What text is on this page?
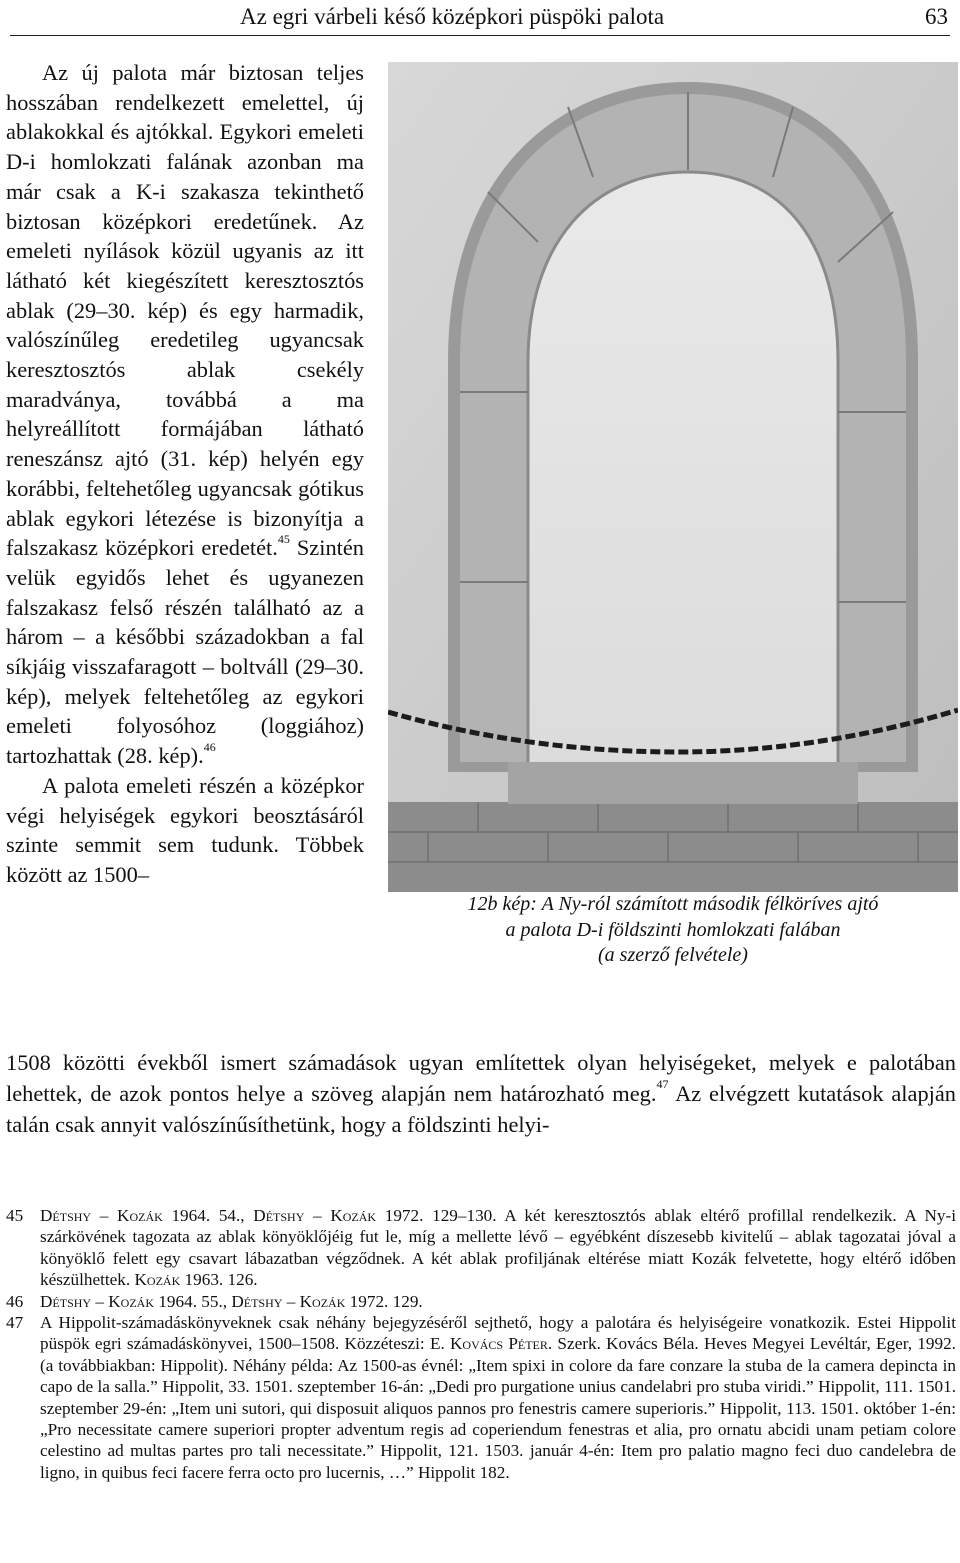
Az egri várbeli késő középkori püspöki palota	63

Az új palota már biztosan teljes hosszában rendelkezett emelettel, új ablakokkal és ajtókkal. Egykori emeleti D-i homlokzati falának azonban ma már csak a K-i szakasza tekinthető biztosan középkori eredetűnek. Az emeleti nyílások közül ugyanis az itt látható két kiegészített keresztosztós ablak (29–30. kép) és egy harmadik, valószínűleg eredetileg ugyancsak keresztosztós ablak csekély maradványa, továbbá a ma helyreállított formájában látható reneszánsz ajtó (31. kép) helyén egy korábbi, feltehetőleg ugyancsak gótikus ablak egykori létezése is bizonyítja a falszakasz középkori eredetét.$^{45}$ Szintén velük egyidős lehet és ugyanezen falszakasz felső részén található az a három – a későbbi századokban a fal síkjáig visszafaragott – boltváll (29–30. kép), melyek feltehetőleg az egykori emeleti folyosóhoz (loggiához) tartozhattak (28. kép).$^{46}$

A palota emeleti részén a középkor végi helyiségek egykori beosztásáról szinte semmit sem tudunk. Többek között az 1500–

12b kép: A Ny-ról számított második félköríves ajtó
a palota D-i földszinti homlokzati falában
(a szerző felvétele)
1508 közötti évekből ismert számadások ugyan említettek olyan helyiségeket, melyek e palotában lehettek, de azok pontos helye a szöveg alapján nem határozható meg.$^{47}$ Az elvégzett kutatások alapján talán csak annyit valószínűsíthetünk, hogy a földszinti helyi-
45 Détshy – Kozák 1964. 54., Détshy – Kozák 1972. 129–130. A két keresztosztós ablak eltérő profillal rendelkezik. A Ny-i szárkövének tagozata az ablak könyöklőjéig fut le, míg a mellette lévő – egyébként díszesebb kivitelű – ablak tagozatai jóval a könyöklő felett egy csavart lábazatban végződnek. A két ablak profiljának eltérése miatt Kozák felvetette, hogy eltérő időben készülhettek. Kozák 1963. 126.
46 Détshy – Kozák 1964. 55., Détshy – Kozák 1972. 129.
47 A Hippolit-számadáskönyveknek csak néhány bejegyzéséről sejthető, hogy a palotára és helyiségeire vonatkozik. Estei Hippolit püspök egri számadáskönyvei, 1500–1508. Közzéteszi: E. Kovács Péter. Szerk. Kovács Béla. Heves Megyei Levéltár, Eger, 1992. (a továbbiakban: Hippolit). Néhány példa: Az 1500-as évnél: „Item spixi in colore da fare conzare la stuba de la camera depincta in capo de la salla.” Hippolit, 33. 1501. szeptember 16-án: „Dedi pro purgatione unius candelabri pro stuba viridi.” Hippolit, 111. 1501. szeptember 29-én: „Item uni sutori, qui disposuit aliquos pannos pro fenestris camere superioris.” Hippolit, 113. 1501. október 1-én: „Pro necessitate camere superiori propter adventum regis ad coperiendum fenestras et alia, pro ornatu abcidi unam petiam colore celestino ad multas partes pro tali necessitate.” Hippolit, 121. 1503. január 4-én: Item pro palatio magno feci duo candelebra de ligno, in quibus feci facere ferra octo pro lucernis, …” Hippolit 182.
